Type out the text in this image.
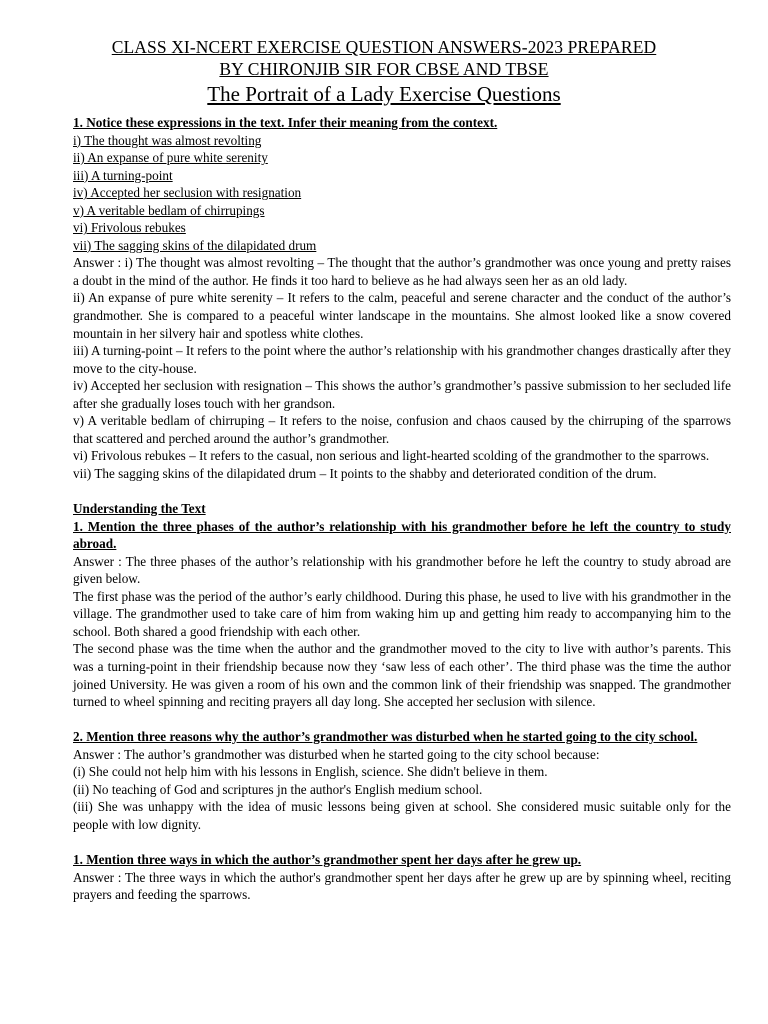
CLASS XI-NCERT EXERCISE QUESTION ANSWERS-2023 PREPARED
BY CHIRONJIB SIR FOR CBSE AND TBSE
The Portrait of a Lady Exercise Questions

1. Notice these expressions in the text. Infer their meaning from the context.

i) The thought was almost revolting

ii) An expanse of pure white serenity

iii) A turning-point

iv) Accepted her seclusion with resignation

v) A veritable bedlam of chirrupings

vi) Frivolous rebukes

vii) The sagging skins of the dilapidated drum

Answer : i) The thought was almost revolting – The thought that the author’s grandmother was once young and pretty raises a doubt in the mind of the author. He finds it too hard to believe as he had always seen her as an old lady.

ii) An expanse of pure white serenity – It refers to the calm, peaceful and serene character and the conduct of the author’s grandmother. She is compared to a peaceful winter landscape in the mountains. She almost looked like a snow covered mountain in her silvery hair and spotless white clothes.

iii) A turning-point – It refers to the point where the author’s relationship with his grandmother changes drastically after they move to the city-house.

iv) Accepted her seclusion with resignation – This shows the author’s grandmother’s passive submission to her secluded life after she gradually loses touch with her grandson.

v) A veritable bedlam of chirruping – It refers to the noise, confusion and chaos caused by the chirruping of the sparrows that scattered and perched around the author’s grandmother.

vi) Frivolous rebukes – It refers to the casual, non serious and light-hearted scolding of the grandmother to the sparrows.

vii) The sagging skins of the dilapidated drum – It points to the shabby and deteriorated condition of the drum.

Understanding the Text

1. Mention the three phases of the author’s relationship with his grandmother before he left the country to study abroad.

Answer : The three phases of the author’s relationship with his grandmother before he left the country to study abroad are given below.

The first phase was the period of the author’s early childhood. During this phase, he used to live with his grandmother in the village. The grandmother used to take care of him from waking him up and getting him ready to accompanying him to the school. Both shared a good friendship with each other.

The second phase was the time when the author and the grandmother moved to the city to live with author’s parents. This was a turning-point in their friendship because now they ‘saw less of each other’. The third phase was the time the author joined University. He was given a room of his own and the common link of their friendship was snapped. The grandmother turned to wheel spinning and reciting prayers all day long. She accepted her seclusion with silence.

2. Mention three reasons why the author’s grandmother was disturbed when he started going to the city school.

Answer : The author’s grandmother was disturbed when he started going to the city school because:

(i) She could not help him with his lessons in English, science. She didn't believe in them.

(ii) No teaching of God and scriptures jn the author's English medium school.

(iii) She was unhappy with the idea of music lessons being given at school. She considered music suitable only for the people with low dignity.

1. Mention three ways in which the author’s grandmother spent her days after he grew up.

Answer : The three ways in which the author's grandmother spent her days after he grew up are by spinning wheel, reciting prayers and feeding the sparrows.
